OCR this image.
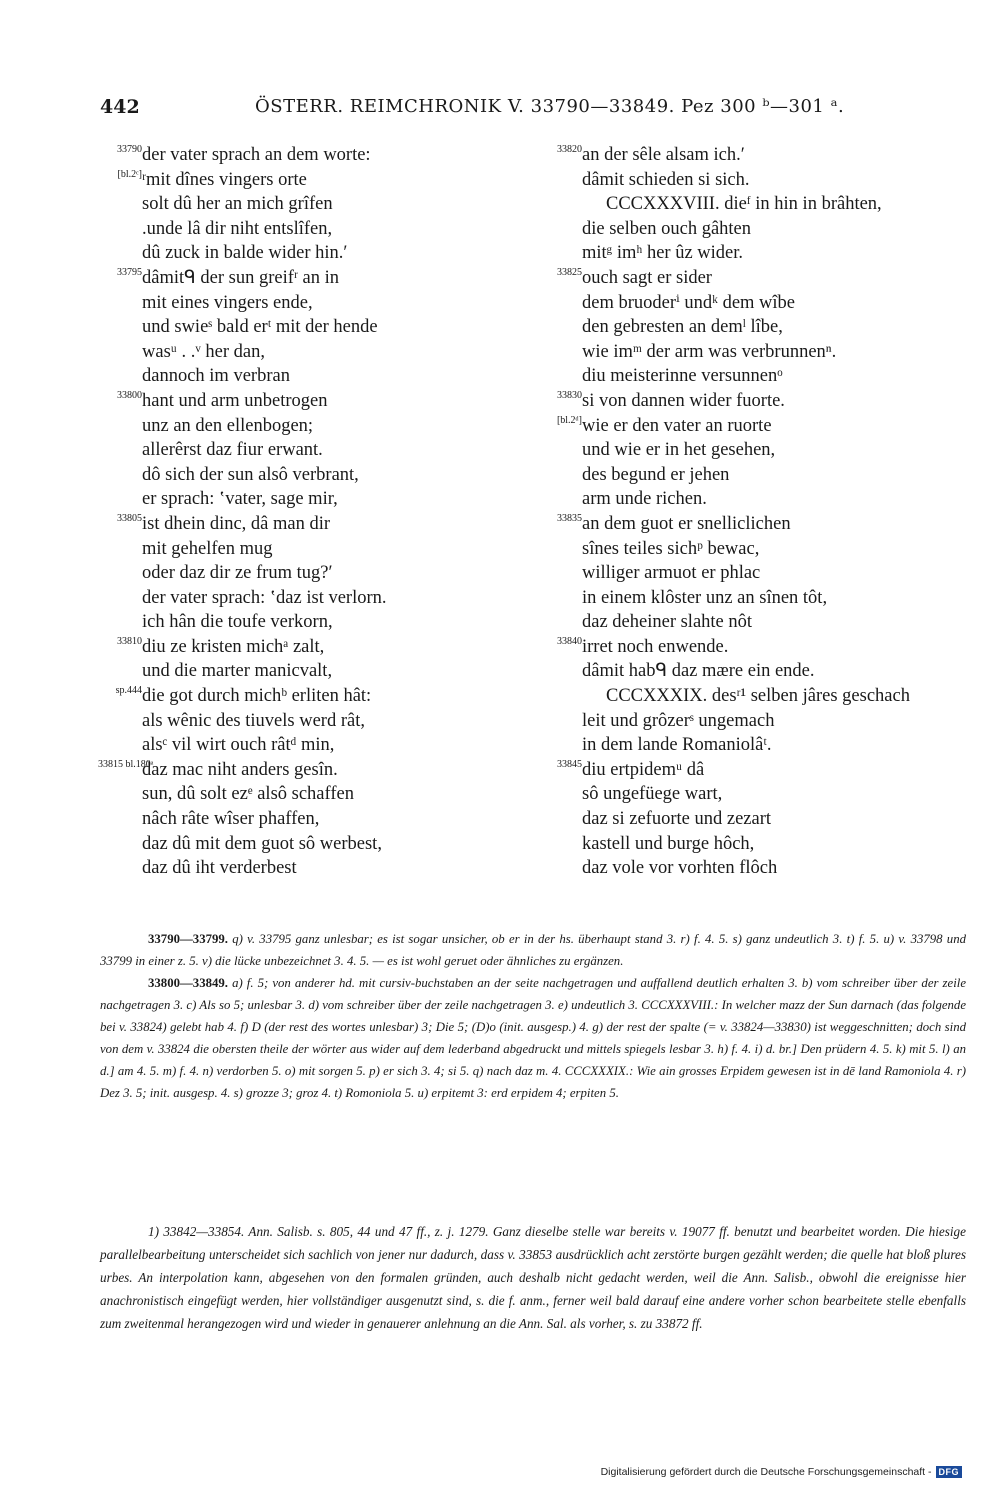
442	ÖSTERR. REIMCHRONIK V. 33790—33849. Pez 300 ᵇ—301 ᵃ.
33790 der vater sprach an dem worte:
[bl.2ᶜ] ʳmit dînes vingers orte
solt dû her an mich grîfen
.unde lâ dir niht entslîfen,
dû zuck in balde wider hin.ʹ
33795 dâmitᑫ der sun greifʳ an in
mit eines vingers ende,
und swieˢ bald erᵗ mit der hende
wasᵘ . .ᵛ her dan,
dannoch im verbran
33800 hant und arm unbetrogen
unz an den ellenbogen;
allerêrst daz fiur erwant.
dô sich der sun alsô verbrant,
er sprach: ʽvater, sage mir,
33805 ist dhein dinc, dâ man dir
mit gehelfen mug
oder daz dir ze frum tug?ʹ
der vater sprach: ʽdaz ist verlorn.
ich hân die toufe verkorn,
33810 diu ze kristen michᵃ zalt,
und die marter manicvalt,
sp.444 die got durch michᵇ erliten hât:
als wênic des tiuvels werd rât,
alsᶜ vil wirt ouch râtᵈ min,
33815 bl.180ᵃ
daz mac niht anders gesîn.
sun, dû solt ezᵉ alsô schaffen
nâch râte wîser phaffen,
daz dû mit dem guot sô werbest,
daz dû iht verderbest
33820 an der sêle alsam ich.ʹ
dâmit schieden si sich.
CCCXXXVIII. dieᶠ in hin in brâhten,
die selben ouch gâhten
mitᵍ imʰ her ûz wider.
33825 ouch sagt er sider
dem bruoderⁱ undᵏ dem wîbe
den gebresten an demˡ lîbe,
wie imᵐ der arm was verbrunnenⁿ.
diu meisterinne versunnenᵒ
33830 si von dannen wider fuorte.
[bl.2ᵈ] wie er den vater an ruorte
und wie er in het gesehen,
des begund er jehen
arm unde richen.
33835 an dem guot er snelliclichen
sînes teiles sichᵖ bewac,
williger armuot er phlac
in einem klôster unz an sînen tôt,
daz deheiner slahte nôt
33840 irret noch enwende.
dâmit habᑫ daz mære ein ende.
CCCXXXIX. desʳ¹ selben jâres geschach
leit und grôzerˢ ungemach
in dem lande Romaniolâᵗ.
33845 diu ertpidemᵘ dâ
sô ungefüege wart,
daz si zefuorte und zezart
kastell und burge hôch,
daz vole vor vorhten flôch

33790—33799. q) v. 33795 ganz unlesbar; es ist sogar unsicher, ob er in der hs. überhaupt stand 3. r) f. 4. 5. s) ganz undeutlich 3. t) f. 5. u) v. 33798 und 33799 in einer z. 5. v) die lücke unbezeichnet 3. 4. 5. — es ist wohl geruet oder ähnliches zu ergänzen.

33800—33849. a) f. 5; von anderer hd. mit cursiv-buchstaben an der seite nachgetragen und auffallend deutlich erhalten 3. b) vom schreiber über der zeile nachgetragen 3. c) Als so 5; unlesbar 3. d) vom schreiber über der zeile nachgetragen 3. e) undeutlich 3. CCCXXXVIII.: In welcher mazz der Sun darnach (das folgende bei v. 33824) gelebt hab 4. f) D (der rest des wortes unlesbar) 3; Die 5; (D)o (init. ausgesp.) 4. g) der rest der spalte (= v. 33824—33830) ist weggeschnitten; doch sind von dem v. 33824 die obersten theile der wörter aus wider auf dem lederband abgedruckt und mittels spiegels lesbar 3. h) f. 4. i) d. br.] Den prüdern 4. 5. k) mit 5. l) an d.] am 4. 5. m) f. 4. n) verdorben 5. o) mit sorgen 5. p) er sich 3. 4; si 5. q) nach daz m. 4. CCCXXXIX.: Wie ain grosses Erpidem gewesen ist in dē land Ramoniola 4. r) Dez 3. 5; init. ausgesp. 4. s) grozze 3; groz 4. t) Romoniola 5. u) erpitemt 3: erd erpidem 4; erpiten 5.

1) 33842—33854. Ann. Salisb. s. 805, 44 und 47 ff., z. j. 1279. Ganz dieselbe stelle war bereits v. 19077 ff. benutzt und bearbeitet worden. Die hiesige parallelbearbeitung unterscheidet sich sachlich von jener nur dadurch, dass v. 33853 ausdrücklich acht zerstörte burgen gezählt werden; die quelle hat bloß plures urbes. An interpolation kann, abgesehen von den formalen gründen, auch deshalb nicht gedacht werden, weil die Ann. Salisb., obwohl die ereignisse hier anachronistisch eingefügt werden, hier vollständiger ausgenutzt sind, s. die f. anm., ferner weil bald darauf eine andere vorher schon bearbeitete stelle ebenfalls zum zweitenmal herangezogen wird und wieder in genauerer anlehnung an die Ann. Sal. als vorher, s. zu 33872 ff.

Digitalisierung gefördert durch die Deutsche Forschungsgemeinschaft - DFG
